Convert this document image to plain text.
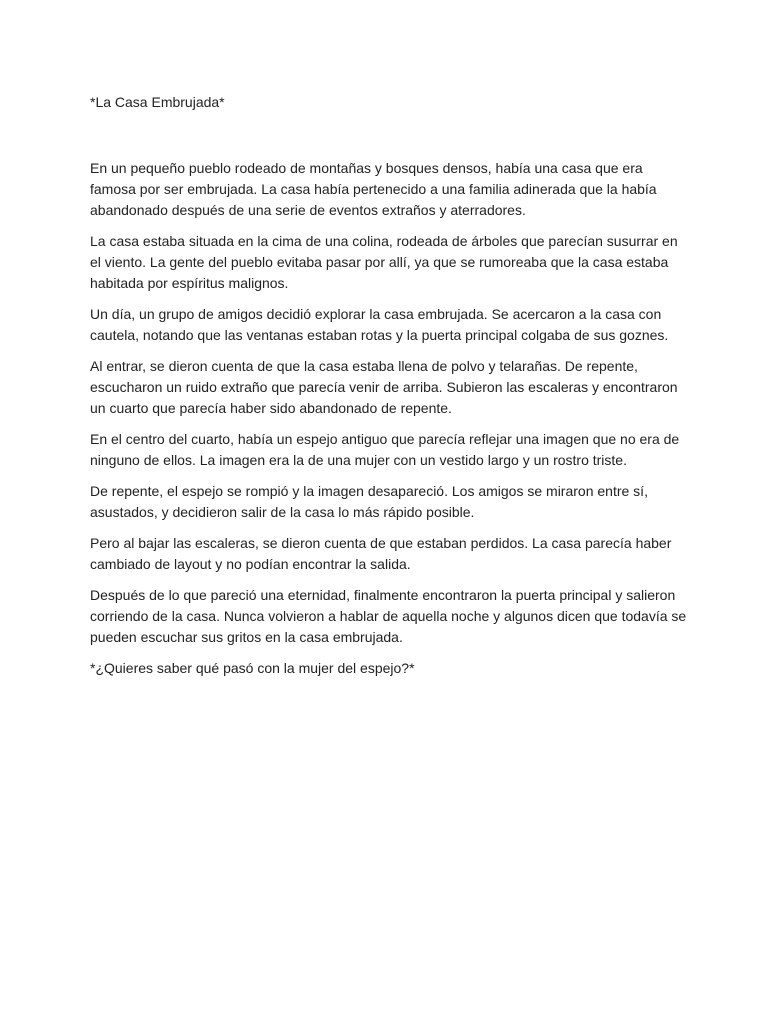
*La Casa Embrujada*

En un pequeño pueblo rodeado de montañas y bosques densos, había una casa que era famosa por ser embrujada. La casa había pertenecido a una familia adinerada que la había abandonado después de una serie de eventos extraños y aterradores.

La casa estaba situada en la cima de una colina, rodeada de árboles que parecían susurrar en el viento. La gente del pueblo evitaba pasar por allí, ya que se rumoreaba que la casa estaba habitada por espíritus malignos.

Un día, un grupo de amigos decidió explorar la casa embrujada. Se acercaron a la casa con cautela, notando que las ventanas estaban rotas y la puerta principal colgaba de sus goznes.

Al entrar, se dieron cuenta de que la casa estaba llena de polvo y telarañas. De repente, escucharon un ruido extraño que parecía venir de arriba. Subieron las escaleras y encontraron un cuarto que parecía haber sido abandonado de repente.

En el centro del cuarto, había un espejo antiguo que parecía reflejar una imagen que no era de ninguno de ellos. La imagen era la de una mujer con un vestido largo y un rostro triste.

De repente, el espejo se rompió y la imagen desapareció. Los amigos se miraron entre sí, asustados, y decidieron salir de la casa lo más rápido posible.

Pero al bajar las escaleras, se dieron cuenta de que estaban perdidos. La casa parecía haber cambiado de layout y no podían encontrar la salida.

Después de lo que pareció una eternidad, finalmente encontraron la puerta principal y salieron corriendo de la casa. Nunca volvieron a hablar de aquella noche y algunos dicen que todavía se pueden escuchar sus gritos en la casa embrujada.

*¿Quieres saber qué pasó con la mujer del espejo?*
